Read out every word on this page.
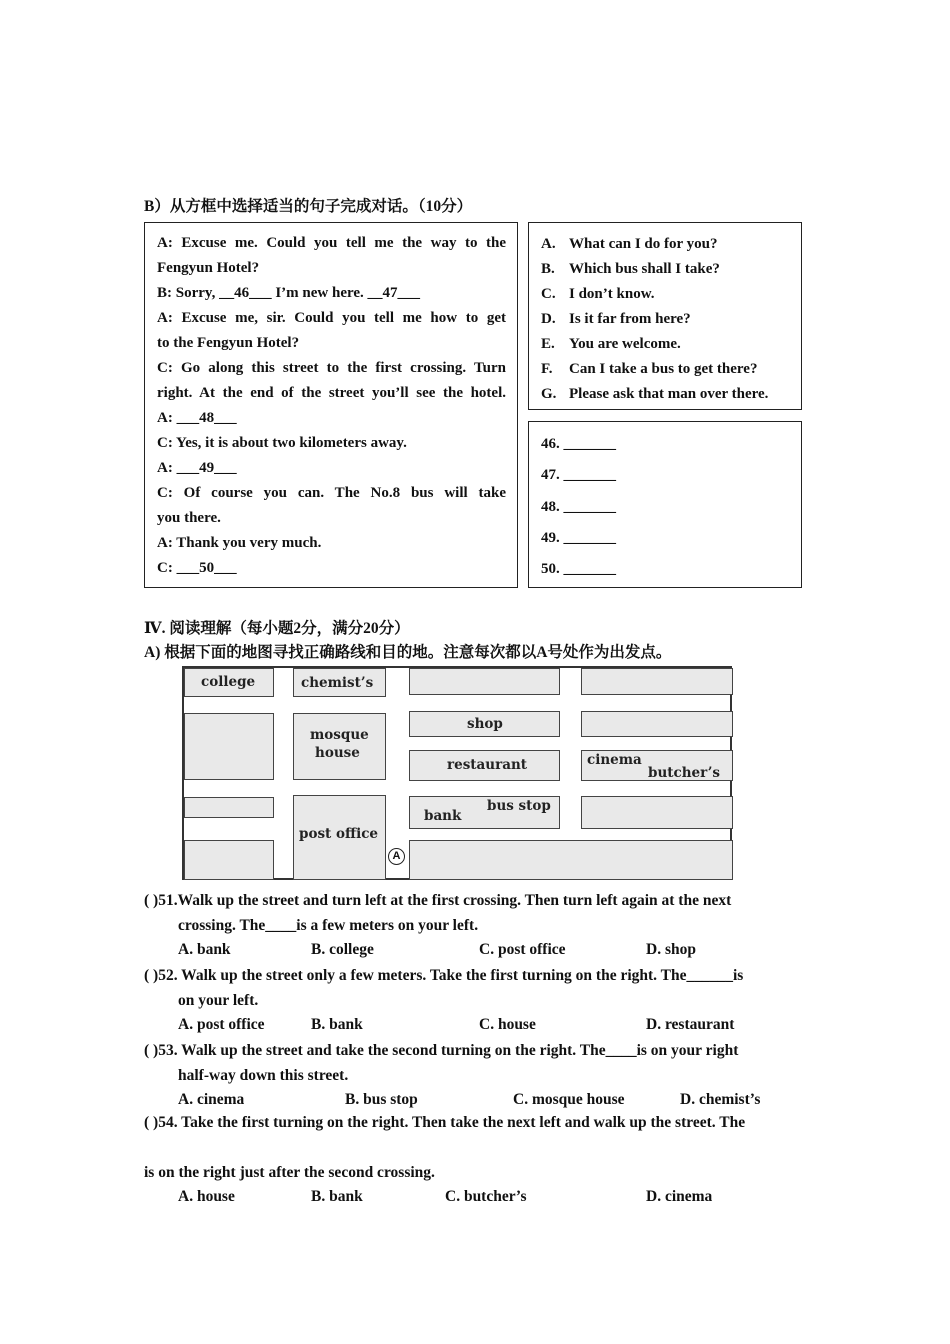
B）从方框中选择适当的句子完成对话。（10分）
A: Excuse me. Could you tell me the way to the
Fengyun Hotel?
B: Sorry, __46___ I’m new here. __47___
A: Excuse me, sir. Could you tell me how to get
to the Fengyun Hotel?
C: Go along this street to the first crossing. Turn
right. At the end of the street you’ll see the hotel.
A: ___48___
C: Yes, it is about two kilometers away.
A: ___49___
C: Of course you can. The No.8 bus will take
you there.
A: Thank you very much.
C: ___50___
A. What can I do for you?
B. Which bus shall I take?
C. I don’t know.
D. Is it far from here?
E. You are welcome.
F.	Can I take a bus to get there?
G. Please ask that man over there.
46. _______
47. _______
48. _______
49. _______
50. _______
Ⅳ. 阅读理解（每小题2分，满分20分）
A) 根据下面的地图寻找正确路线和目的地。注意每次都以A号处作为出发点。
college	chemist’s
mosque
house
post office
shop
restaurant
bank
bus stop
cinema
butcher’s
A
( )51.Walk up the street and turn left at the first crossing. Then turn left again at the next
crossing. The____is a few meters on your left.
A. bank	B. college	C. post office	D. shop
( )52. Walk up the street only a few meters. Take the first turning on the right. The______is
on your left.
A. post office	B. bank	C. house	D. restaurant
( )53. Walk up the street and take the second turning on the right. The____is on your right
half-way down this street.
A. cinema	B. bus stop	C. mosque house	D. chemist’s
( )54. Take the first turning on the right. Then take the next left and walk up the street. The
is on the right just after the second crossing.
A. house	B. bank	C. butcher’s	D. cinema
